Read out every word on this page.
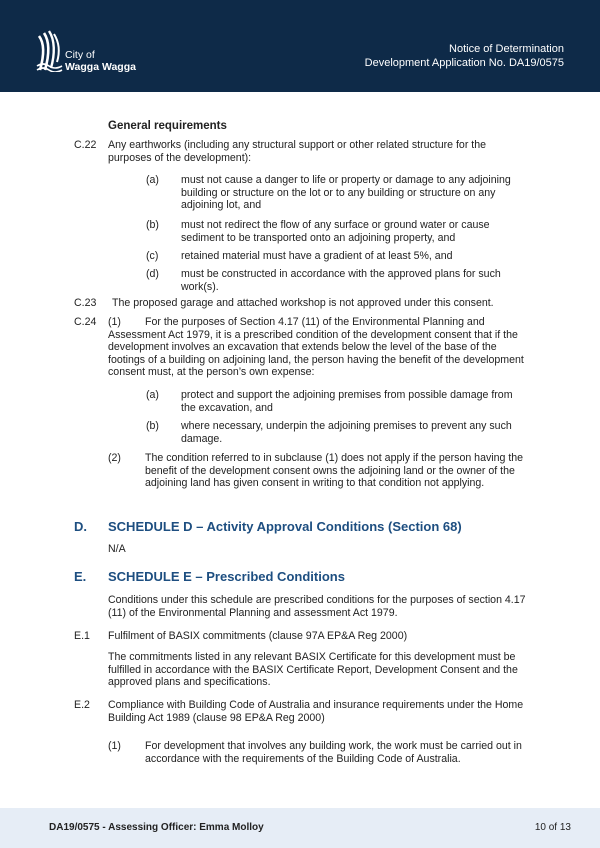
City of
Wagga Wagga
Notice of Determination
Development Application No. DA19/0575
General requirements
C.22 Any earthworks (including any structural support or other related structure for the purposes of the development):
(a) must not cause a danger to life or property or damage to any adjoining building or structure on the lot or to any building or structure on any adjoining lot, and
(b) must not redirect the flow of any surface or ground water or cause sediment to be transported onto an adjoining property, and
(c) retained material must have a gradient of at least 5%, and
(d) must be constructed in accordance with the approved plans for such work(s).
C.23 The proposed garage and attached workshop is not approved under this consent.
C.24 (1)	For the purposes of Section 4.17 (11) of the Environmental Planning and Assessment Act 1979, it is a prescribed condition of the development consent that if the development involves an excavation that extends below the level of the base of the footings of a building on adjoining land, the person having the benefit of the development consent must, at the person’s own expense:
(a) protect and support the adjoining premises from possible damage from the excavation, and
(b) where necessary, underpin the adjoining premises to prevent any such damage.
(2) The condition referred to in subclause (1) does not apply if the person having the benefit of the development consent owns the adjoining land or the owner of the adjoining land has given consent in writing to that condition not applying.
D. SCHEDULE D – Activity Approval Conditions (Section 68)
N/A
E. SCHEDULE E – Prescribed Conditions
Conditions under this schedule are prescribed conditions for the purposes of section 4.17 (11) of the Environmental Planning and assessment Act 1979.
E.1 Fulfilment of BASIX commitments (clause 97A EP&A Reg 2000)
The commitments listed in any relevant BASIX Certificate for this development must be fulfilled in accordance with the BASIX Certificate Report, Development Consent and the approved plans and specifications.
E.2 Compliance with Building Code of Australia and insurance requirements under the Home Building Act 1989 (clause 98 EP&A Reg 2000)
(1) For development that involves any building work, the work must be carried out in accordance with the requirements of the Building Code of Australia.
DA19/0575 - Assessing Officer: Emma Molloy	10 of 13
